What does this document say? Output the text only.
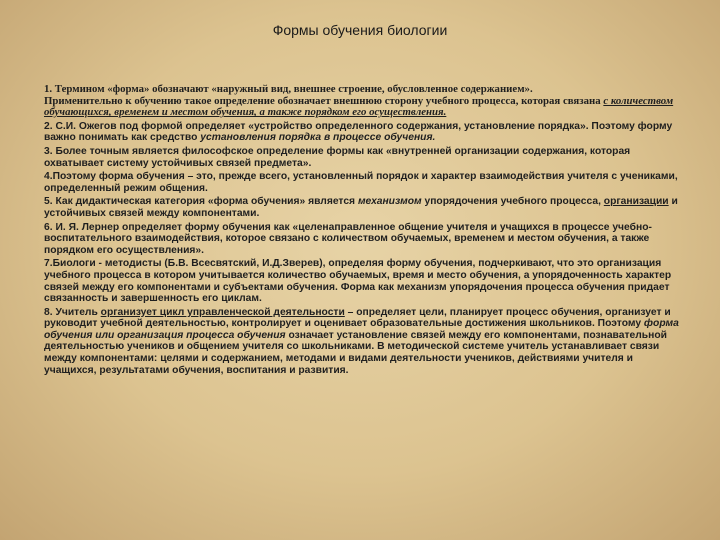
Формы обучения биологии

1. Термином «форма» обозначают «наружный вид, внешнее строение, обусловленное содержанием».
Применительно к обучению такое определение обозначает внешнюю сторону учебного процесса, которая связана с количеством обучающихся, временем и местом обучения, а также порядком его осуществления.

2. С.И. Ожегов под формой определяет «устройство определенного содержания, установление порядка». Поэтому форму важно понимать как средство установления порядка в процессе обучения.

3. Более точным является философское определение формы как «внутренней организации содержания, которая охватывает систему устойчивых связей предмета».

4.Поэтому форма обучения – это, прежде всего, установленный порядок и характер взаимодействия учителя с учениками, определенный режим общения.

5. Как дидактическая категория «форма обучения» является механизмом упорядочения учебного процесса, организации и устойчивых связей между компонентами.

6. И. Я. Лернер определяет форму обучения как «целенаправленное общение учителя и учащихся в процессе учебно-воспитательного взаимодействия, которое связано с количеством обучаемых, временем и местом обучения, а также порядком его осуществления».

7.Биологи - методисты (Б.В. Всесвятский, И.Д.Зверев), определяя форму обучения, подчеркивают, что это организация учебного процесса в котором учитывается количество обучаемых, время и место обучения, а упорядоченность характер связей между его компонентами и субъектами обучения. Форма как механизм упорядочения процесса обучения придает связанность и завершенность его циклам.

8. Учитель организует цикл управленческой деятельности – определяет цели, планирует процесс обучения, организует и руководит учебной деятельностью, контролирует и оценивает образовательные достижения школьников. Поэтому форма обучения или организация процесса обучения означает установление связей между его компонентами, познавательной деятельностью учеников и общением учителя со школьниками. В методической системе учитель устанавливает связи между компонентами: целями и содержанием, методами и видами деятельности учеников, действиями учителя и учащихся, результатами обучения, воспитания и развития.
